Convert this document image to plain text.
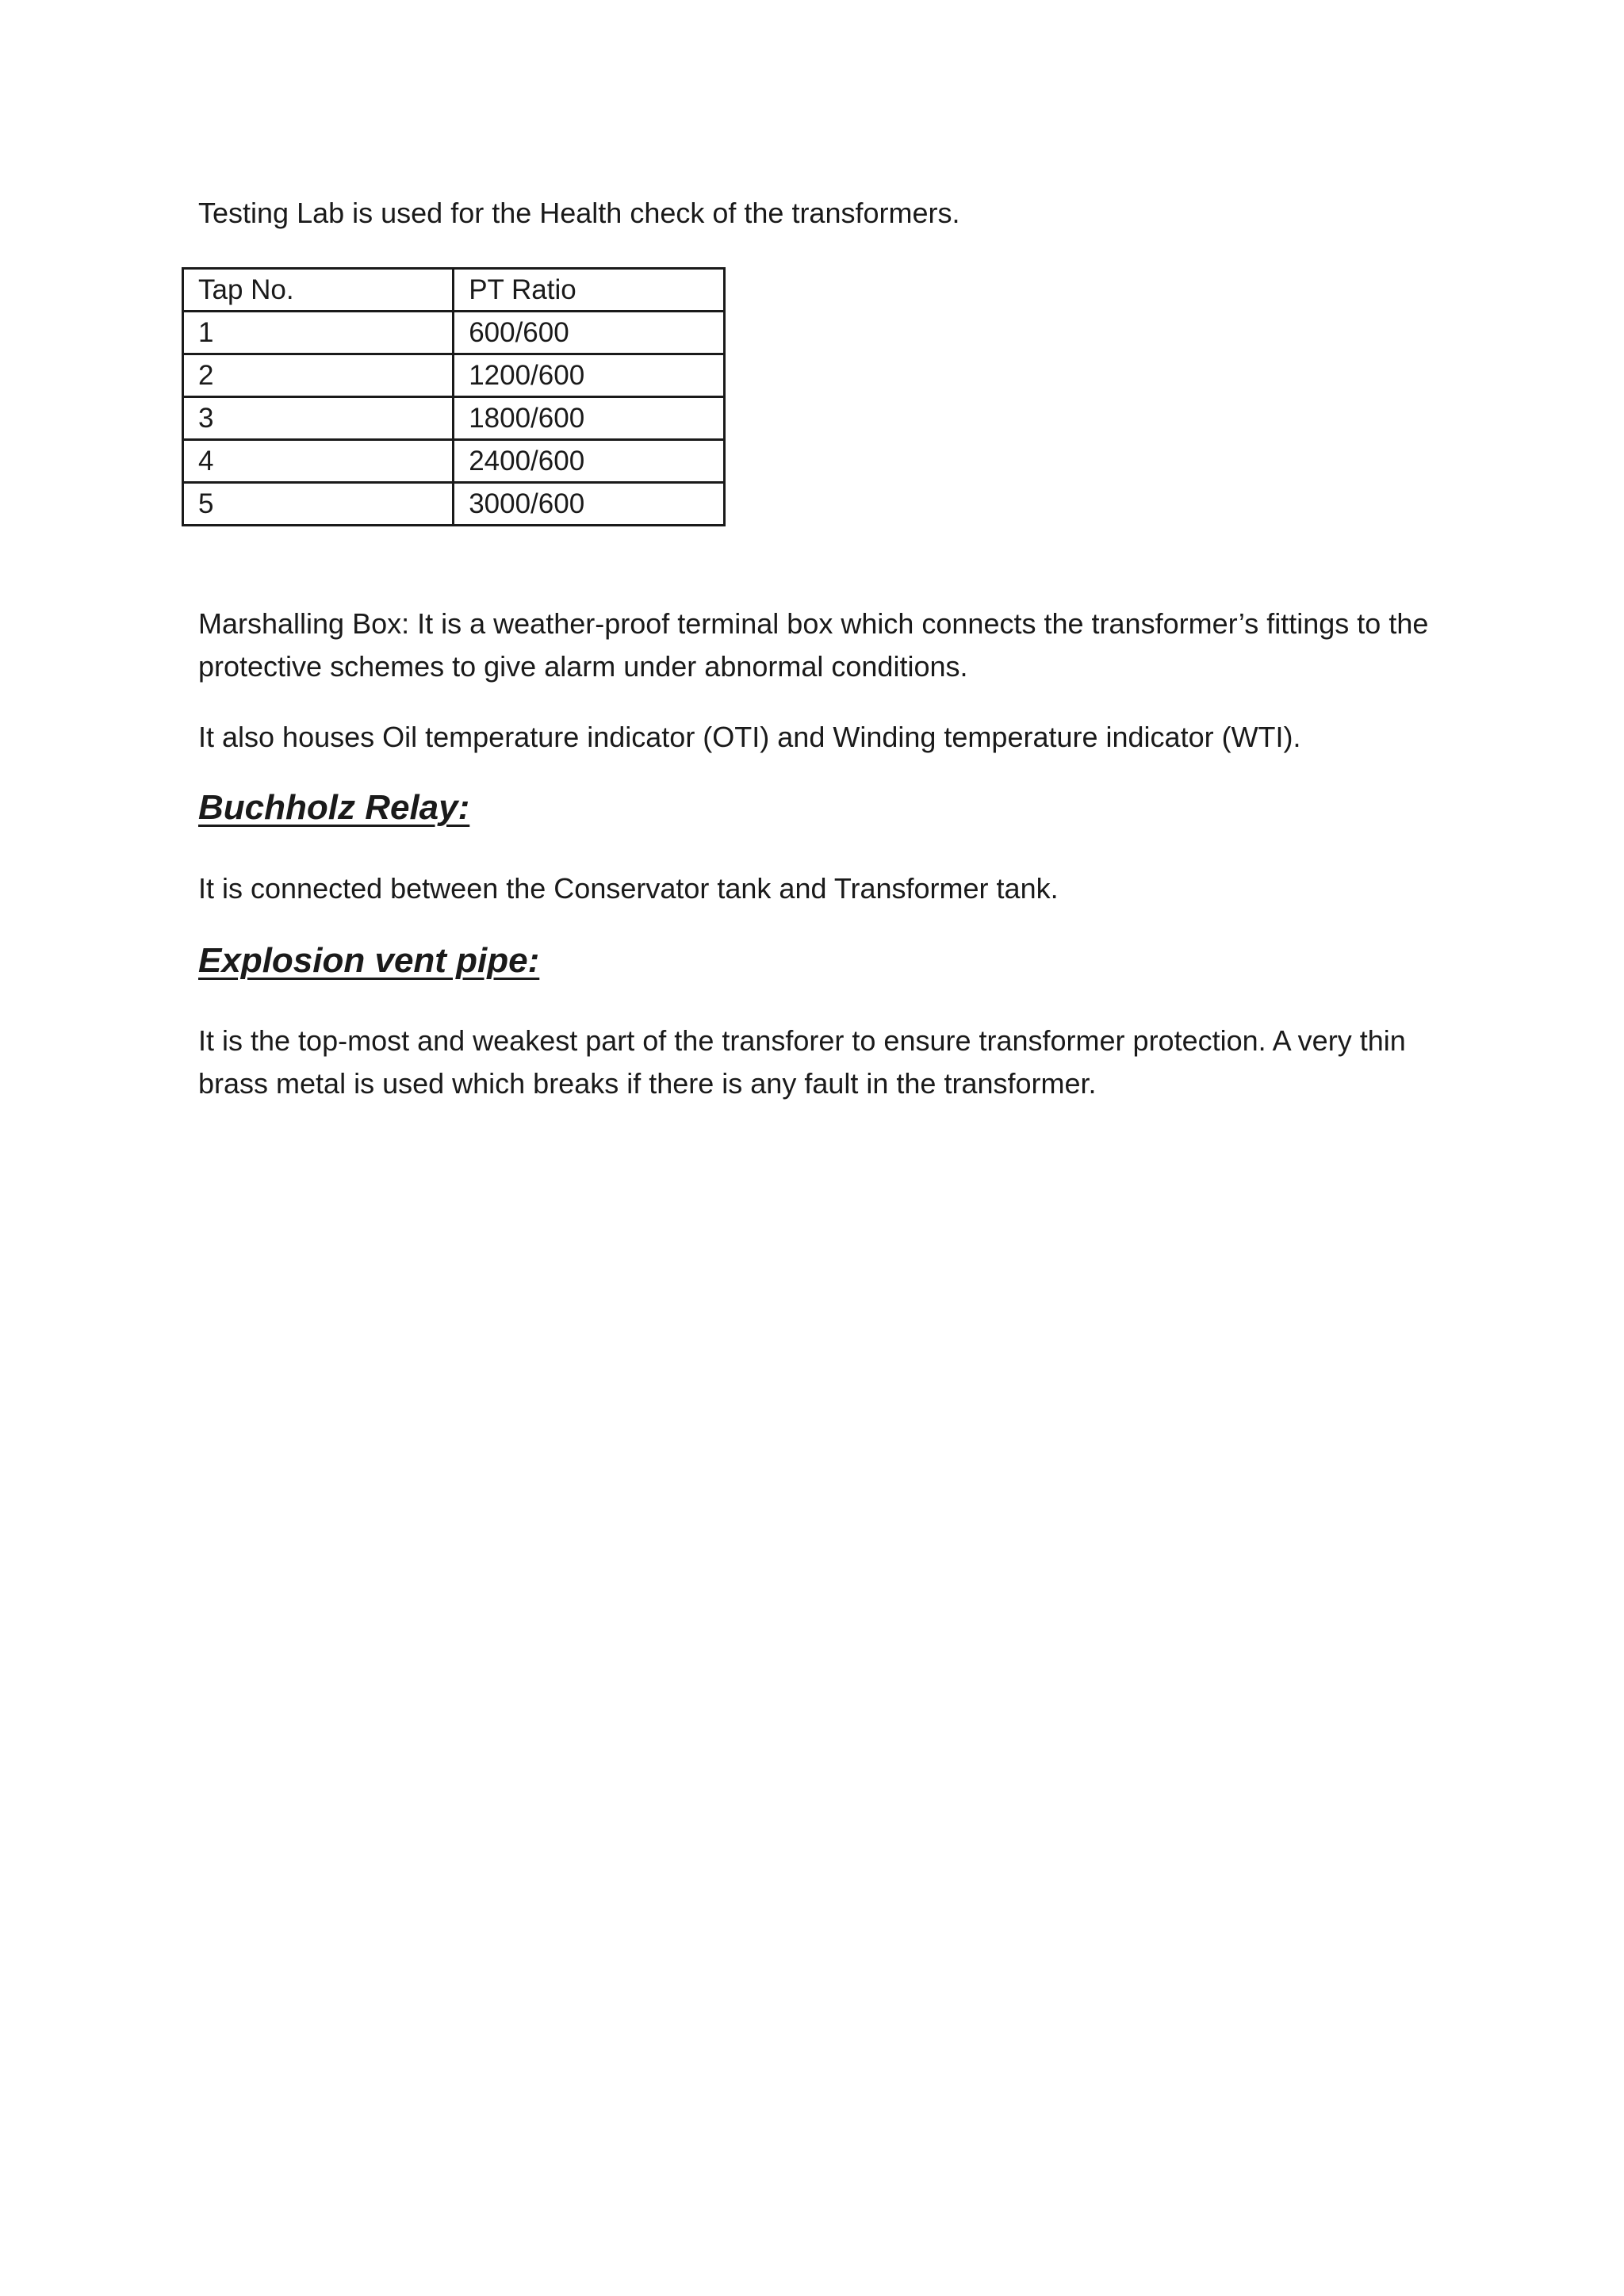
Testing Lab is used for the Health check of the transformers.

Tap No.	PT Ratio
1	600/600
2	1200/600
3	1800/600
4	2400/600
5	3000/600
Marshalling Box: It is a weather-proof terminal box which connects the transformer’s fittings to the
protective schemes to give alarm under abnormal conditions.

It also houses Oil temperature indicator (OTI) and Winding temperature indicator (WTI).

Buchholz Relay:

It is connected between the Conservator tank and Transformer tank.

Explosion vent pipe:
It is the top-most and weakest part of the transforer to ensure transformer protection. A very thin
brass metal is used which breaks if there is any fault in the transformer.
